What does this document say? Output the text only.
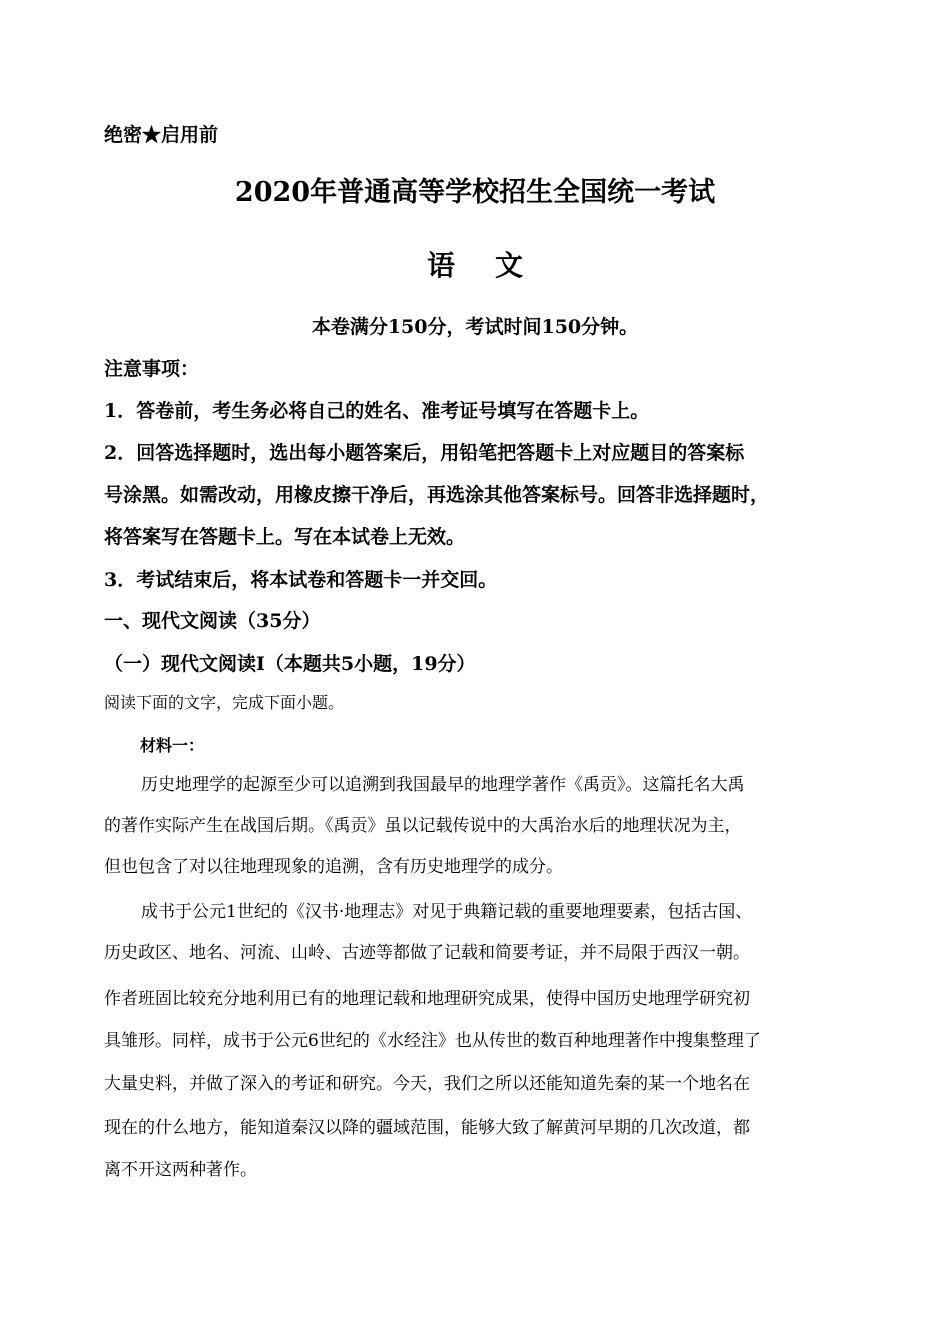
绝密★启用前
2020年普通高等学校招生全国统一考试
语文
本卷满分150分，考试时间150分钟。
注意事项：
1．答卷前，考生务必将自己的姓名、准考证号填写在答题卡上。
2．回答选择题时，选出每小题答案后，用铅笔把答题卡上对应题目的答案标
号涂黑。如需改动，用橡皮擦干净后，再选涂其他答案标号。回答非选择题时，
将答案写在答题卡上。写在本试卷上无效。
3．考试结束后，将本试卷和答题卡一并交回。
一、现代文阅读（35分）
（一）现代文阅读Ⅰ（本题共5小题，19分）
阅读下面的文字，完成下面小题。
材料一：
历史地理学的起源至少可以追溯到我国最早的地理学著作《禹贡》。这篇托名大禹
的著作实际产生在战国后期。《禹贡》虽以记载传说中的大禹治水后的地理状况为主，
但也包含了对以往地理现象的追溯，含有历史地理学的成分。
成书于公元1世纪的《汉书·地理志》对见于典籍记载的重要地理要素，包括古国、
历史政区、地名、河流、山岭、古迹等都做了记载和简要考证，并不局限于西汉一朝。
作者班固比较充分地利用已有的地理记载和地理研究成果，使得中国历史地理学研究初
具雏形。同样，成书于公元6世纪的《水经注》也从传世的数百种地理著作中搜集整理了
大量史料，并做了深入的考证和研究。今天，我们之所以还能知道先秦的某一个地名在
现在的什么地方，能知道秦汉以降的疆域范围，能够大致了解黄河早期的几次改道，都
离不开这两种著作。
